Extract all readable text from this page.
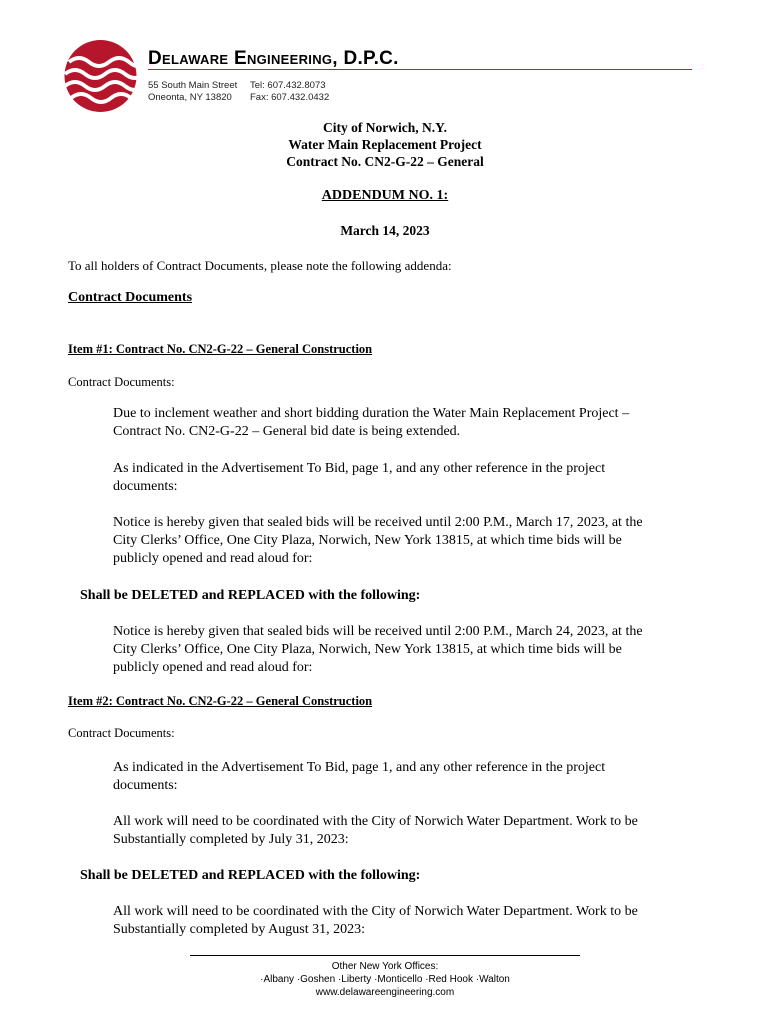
Delaware Engineering, D.P.C.
55 South Main Street Tel: 607.432.8073
Oneonta, NY 13820 Fax: 607.432.0432
City of Norwich, N.Y.
Water Main Replacement Project
Contract No. CN2-G-22 – General
ADDENDUM NO. 1:
March 14, 2023
To all holders of Contract Documents, please note the following addenda:
Contract Documents
Item #1: Contract No. CN2-G-22 – General Construction
Contract Documents:
Due to inclement weather and short bidding duration the Water Main Replacement Project –
Contract No. CN2-G-22 – General bid date is being extended.
As indicated in the Advertisement To Bid, page 1, and any other reference in the project
documents:
Notice is hereby given that sealed bids will be received until 2:00 P.M., March 17, 2023, at the
City Clerks’ Office, One City Plaza, Norwich, New York 13815, at which time bids will be
publicly opened and read aloud for:
Shall be DELETED and REPLACED with the following:
Notice is hereby given that sealed bids will be received until 2:00 P.M., March 24, 2023, at the
City Clerks’ Office, One City Plaza, Norwich, New York 13815, at which time bids will be
publicly opened and read aloud for:
Item #2: Contract No. CN2-G-22 – General Construction
Contract Documents:
As indicated in the Advertisement To Bid, page 1, and any other reference in the project
documents:
All work will need to be coordinated with the City of Norwich Water Department. Work to be
Substantially completed by July 31, 2023:
Shall be DELETED and REPLACED with the following:
All work will need to be coordinated with the City of Norwich Water Department. Work to be
Substantially completed by August 31, 2023:
Other New York Offices:
·Albany ·Goshen ·Liberty ·Monticello ·Red Hook ·Walton
www.delawareengineering.com
